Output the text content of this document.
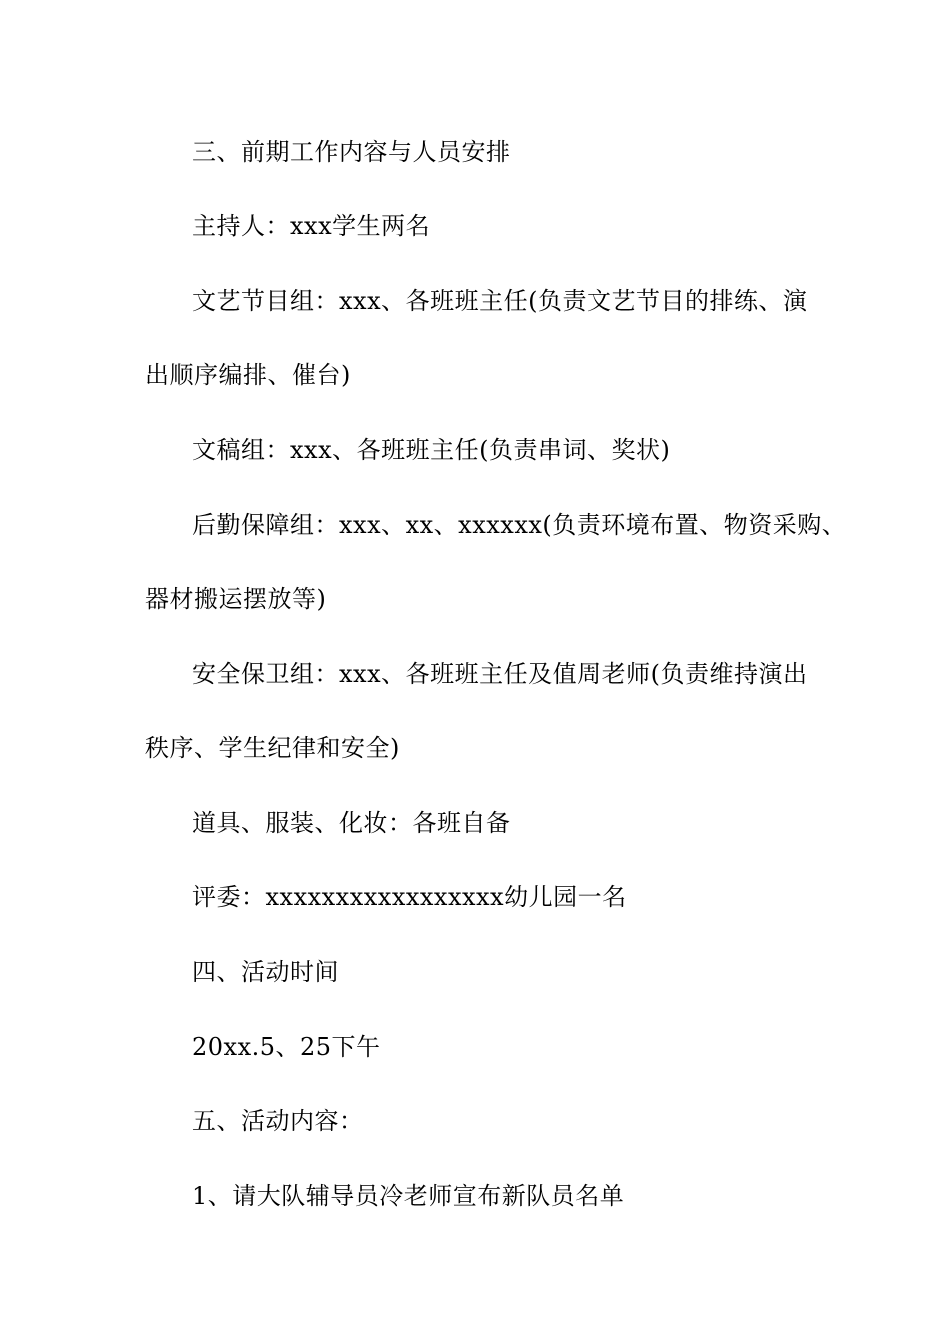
三、前期工作内容与人员安排
主持人：xxx学生两名
文艺节目组：xxx、各班班主任(负责文艺节目的排练、演
出顺序编排、催台)
文稿组：xxx、各班班主任(负责串词、奖状)
后勤保障组：xxx、xx、xxxxxx(负责环境布置、物资采购、
器材搬运摆放等)
安全保卫组：xxx、各班班主任及值周老师(负责维持演出
秩序、学生纪律和安全)
道具、服装、化妆：各班自备
评委：xxxxxxxxxxxxxxxxx幼儿园一名
四、活动时间
20xx.5、25下午
五、活动内容：
1、请大队辅导员冷老师宣布新队员名单
